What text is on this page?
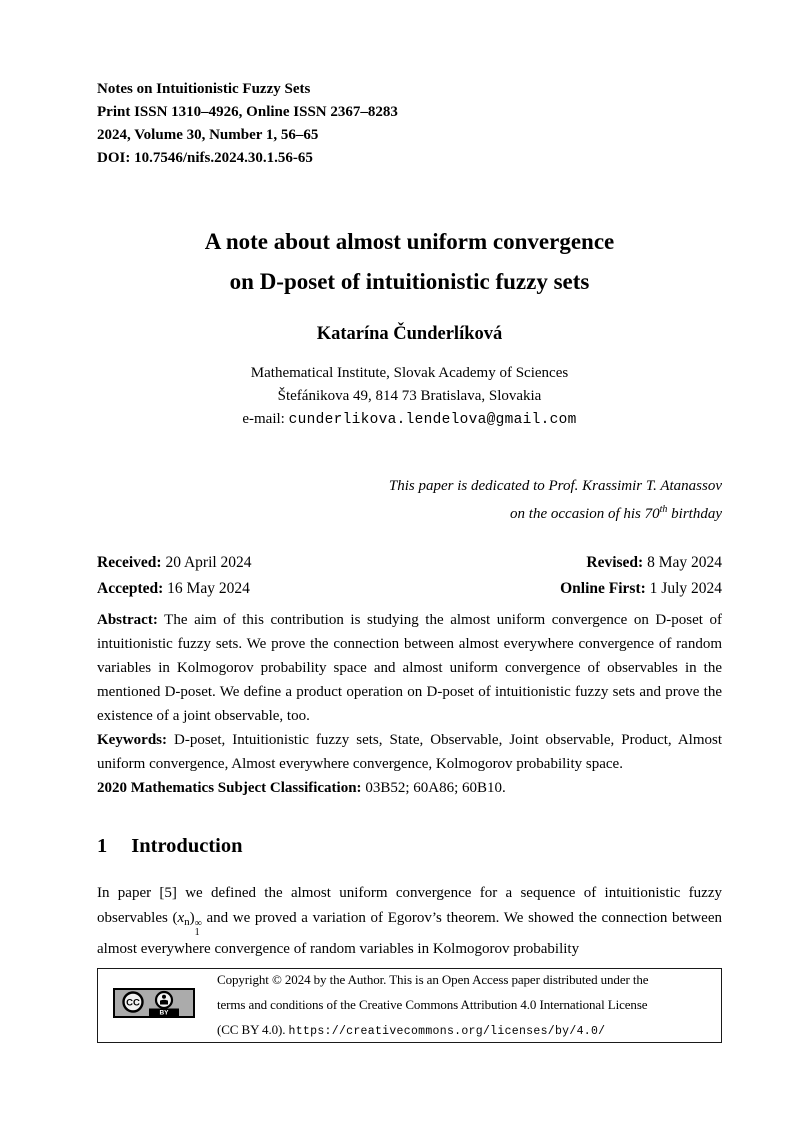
Notes on Intuitionistic Fuzzy Sets
Print ISSN 1310–4926, Online ISSN 2367–8283
2024, Volume 30, Number 1, 56–65
DOI: 10.7546/nifs.2024.30.1.56-65
A note about almost uniform convergence
on D-poset of intuitionistic fuzzy sets
Katarína Čunderlíková
Mathematical Institute, Slovak Academy of Sciences
Štefánikova 49, 814 73 Bratislava, Slovakia
e-mail: cunderlikova.lendelova@gmail.com
This paper is dedicated to Prof. Krassimir T. Atanassov
on the occasion of his 70th birthday
Received: 20 April 2024	Revised: 8 May 2024
Accepted: 16 May 2024	Online First: 1 July 2024

Abstract: The aim of this contribution is studying the almost uniform convergence on D-poset of intuitionistic fuzzy sets. We prove the connection between almost everywhere convergence of random variables in Kolmogorov probability space and almost uniform convergence of observables in the mentioned D-poset. We define a product operation on D-poset of intuitionistic fuzzy sets and prove the existence of a joint observable, too.

Keywords: D-poset, Intuitionistic fuzzy sets, State, Observable, Joint observable, Product, Almost uniform convergence, Almost everywhere convergence, Kolmogorov probability space.

2020 Mathematics Subject Classification: 03B52; 60A86; 60B10.

1 Introduction
In paper [5] we defined the almost uniform convergence for a sequence of intuitionistic fuzzy observables $(x_n)$ ∞
1
and we proved a variation of Egorov’s theorem. We showed the connection between almost everywhere convergence of random variables in Kolmogorov probability
CC
BY
Copyright © 2024 by the Author. This is an Open Access paper distributed under the
terms and conditions of the Creative Commons Attribution 4.0 International License
(CC BY 4.0). https://creativecommons.org/licenses/by/4.0/
